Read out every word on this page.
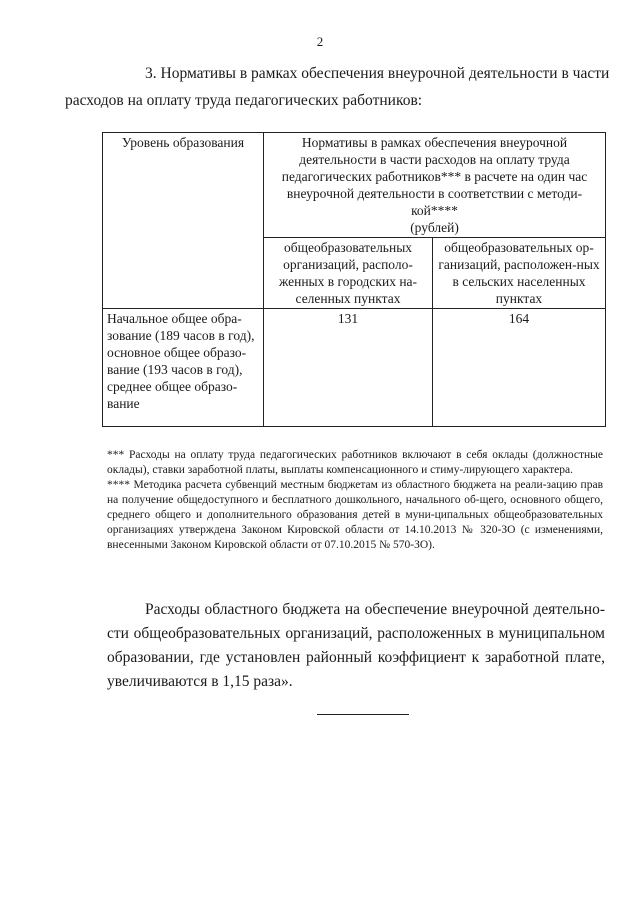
2

3. Нормативы в рамках обеспечения внеурочной деятельности в части
расходов на оплату труда педагогических работников:

Уровень образования	Нормативы в рамках обеспечения внеурочной деятельности в части расходов на оплату труда педагогических работников*** в расчете на один час внеурочной деятельности в соответствии с методи-кой****
(рублей)	
	общеобразовательных организаций, располо-женных в городских на-селенных пунктах	общеобразовательных ор-ганизаций, расположен-ных в сельских населенных пунктах
Начальное общее обра-зование (189 часов в год), основное общее образо-вание (193 часов в год), среднее общее образо-вание	131	164

*** Расходы на оплату труда педагогических работников включают в себя оклады (должностные оклады), ставки заработной платы, выплаты компенсационного и стиму-лирующего характера.

**** Методика расчета субвенций местным бюджетам из областного бюджета на реали-зацию прав на получение общедоступного и бесплатного дошкольного, начального об-щего, основного общего, среднего общего и дополнительного образования детей в муни-ципальных общеобразовательных организациях утверждена Законом Кировской области от 14.10.2013 № 320-ЗО (с изменениями, внесенными Законом Кировской области от 07.10.2015 № 570-ЗО).

Расходы областного бюджета на обеспечение внеурочной деятельно-сти общеобразовательных организаций, расположенных в муниципальном образовании, где установлен районный коэффициент к заработной плате, увеличиваются в 1,15 раза».
